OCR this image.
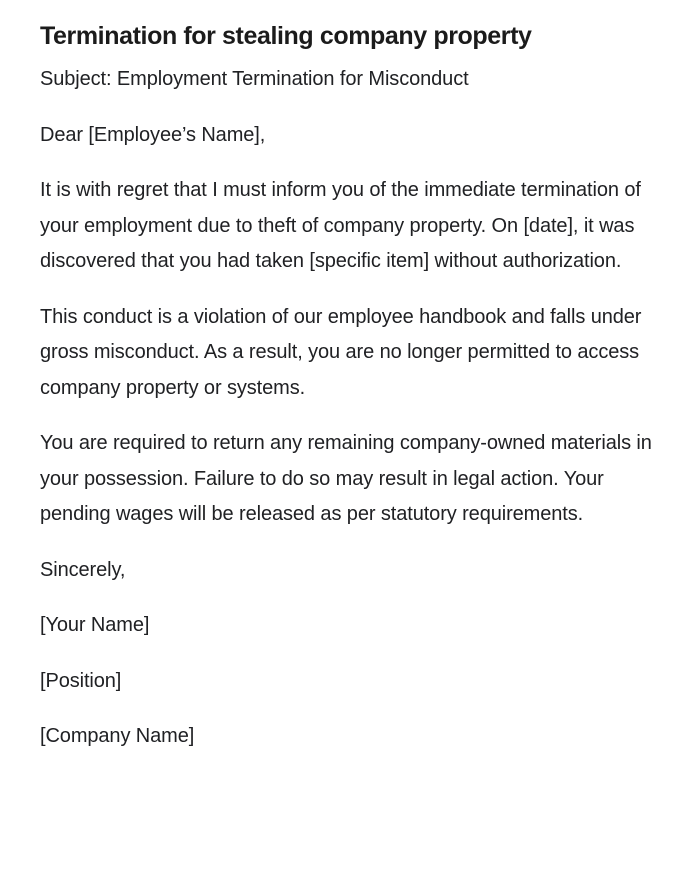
Termination for stealing company property

Subject: Employment Termination for Misconduct

Dear [Employee’s Name],

It is with regret that I must inform you of the immediate termination of your employment due to theft of company property. On [date], it was discovered that you had taken [specific item] without authorization.

This conduct is a violation of our employee handbook and falls under gross misconduct. As a result, you are no longer permitted to access company property or systems.

You are required to return any remaining company-owned materials in your possession. Failure to do so may result in legal action. Your pending wages will be released as per statutory requirements.

Sincerely,

[Your Name]

[Position]

[Company Name]
